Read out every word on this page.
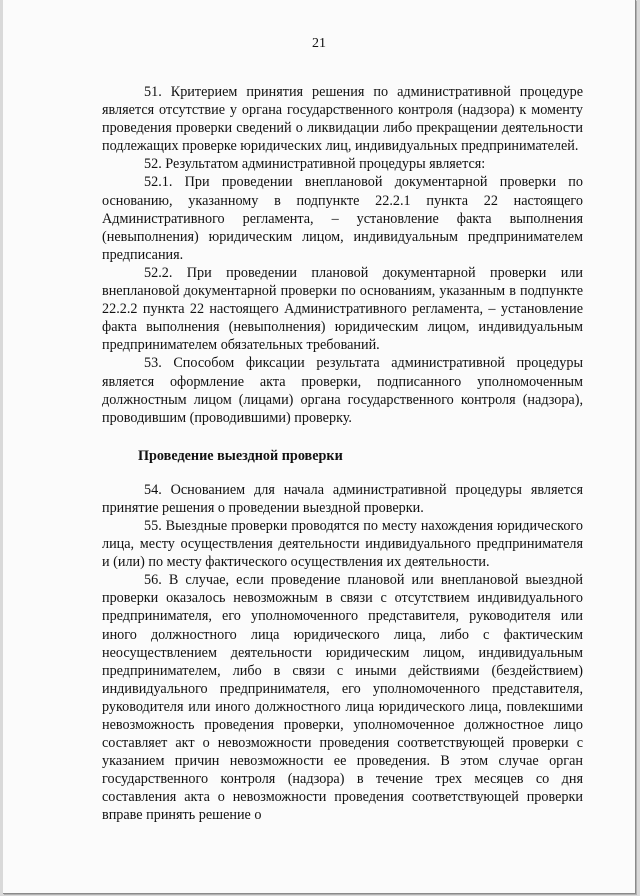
21

51. Критерием принятия решения по административной процедуре является отсутствие у органа государственного контроля (надзора) к моменту проведения проверки сведений о ликвидации либо прекращении деятельности подлежащих проверке юридических лиц, индивидуальных предпринимателей.

52. Результатом административной процедуры является:

52.1. При проведении внеплановой документарной проверки по основанию, указанному в подпункте 22.2.1 пункта 22 настоящего Административного регламента, – установление факта выполнения (невыполнения) юридическим лицом, индивидуальным предпринимателем предписания.

52.2. При проведении плановой документарной проверки или внеплановой документарной проверки по основаниям, указанным в подпункте 22.2.2 пункта 22 настоящего Административного регламента, – установление факта выполнения (невыполнения) юридическим лицом, индивидуальным предпринимателем обязательных требований.

53. Способом фиксации результата административной процедуры является оформление акта проверки, подписанного уполномоченным должностным лицом (лицами) органа государственного контроля (надзора), проводившим (проводившими) проверку.

Проведение выездной проверки

54. Основанием для начала административной процедуры является принятие решения о проведении выездной проверки.

55. Выездные проверки проводятся по месту нахождения юридического лица, месту осуществления деятельности индивидуального предпринимателя и (или) по месту фактического осуществления их деятельности.

56. В случае, если проведение плановой или внеплановой выездной проверки оказалось невозможным в связи с отсутствием индивидуального предпринимателя, его уполномоченного представителя, руководителя или иного должностного лица юридического лица, либо с фактическим неосуществлением деятельности юридическим лицом, индивидуальным предпринимателем, либо в связи с иными действиями (бездействием) индивидуального предпринимателя, его уполномоченного представителя, руководителя или иного должностного лица юридического лица, повлекшими невозможность проведения проверки, уполномоченное должностное лицо составляет акт о невозможности проведения соответствующей проверки с указанием причин невозможности ее проведения. В этом случае орган государственного контроля (надзора) в течение трех месяцев со дня составления акта о невозможности проведения соответствующей проверки вправе принять решение о
